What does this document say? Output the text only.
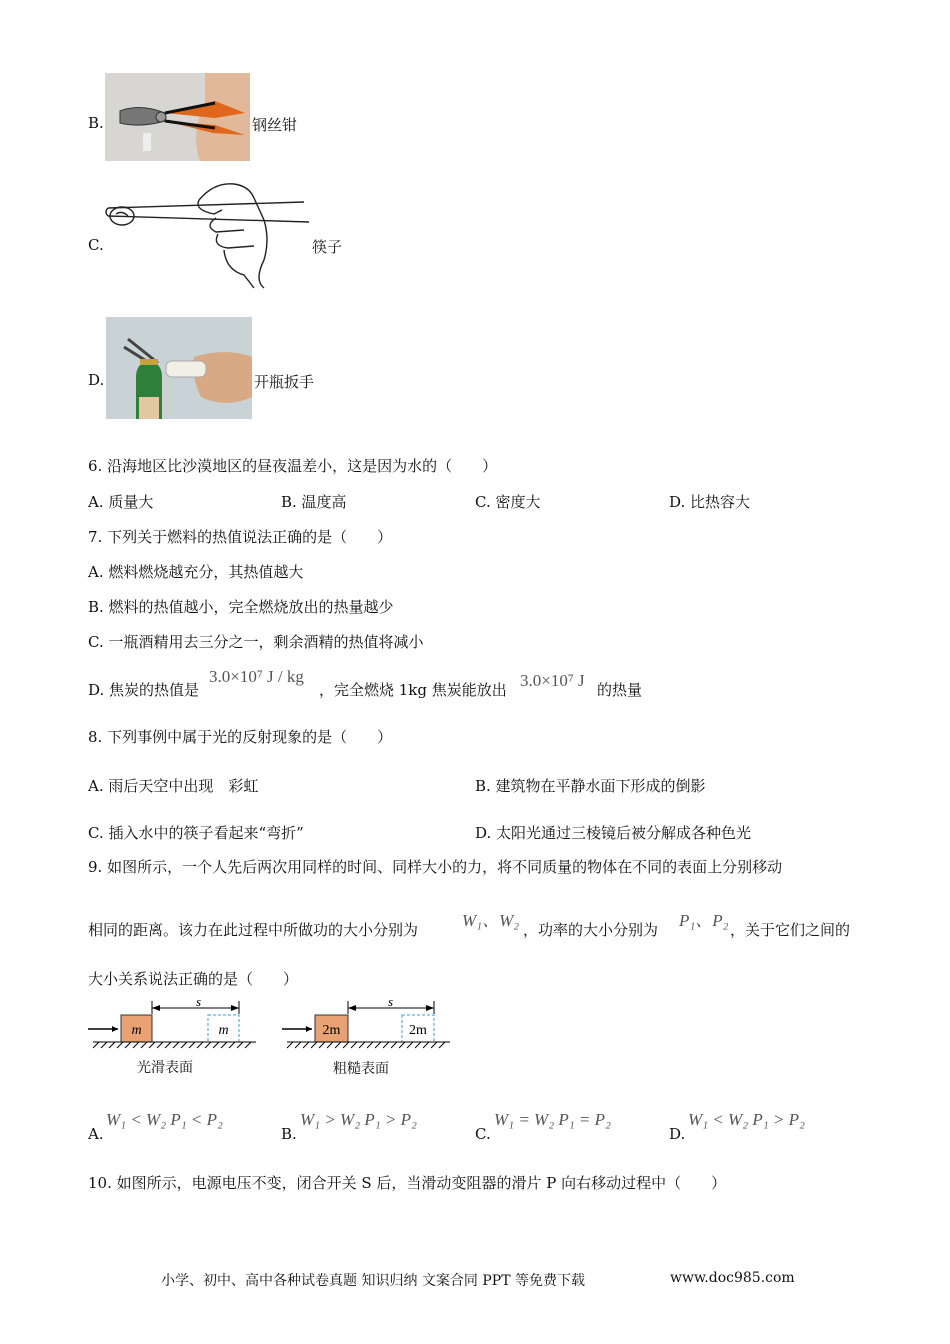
B.	钢丝钳
C.	筷子
D.	开瓶扳手
6. 沿海地区比沙漠地区的昼夜温差小，这是因为水的（　　）
A. 质量大	B. 温度高	C. 密度大	D. 比热容大
7. 下列关于燃料的热值说法正确的是（　　）
A. 燃料燃烧越充分，其热值越大
B. 燃料的热值越小，完全燃烧放出的热量越少
C. 一瓶酒精用去三分之一，剩余酒精的热值将减小
D. 焦炭的热值是
3.0×10⁷ J / kg
，完全燃烧 1kg 焦炭能放出 3.0×10⁷ J 的热量
8. 下列事例中属于光的反射现象的是（　　）
A. 雨后天空中出现　彩虹	B. 建筑物在平静水面下形成的倒影
C. 插入水中的筷子看起来“弯折”	D. 太阳光通过三棱镜后被分解成各种色光
9. 如图所示，一个人先后两次用同样的时间、同样大小的力，将不同质量的物体在不同的表面上分别移动
相同的距离。该力在此过程中所做功的大小分别为	W₁、W₂ ，功率的大小分别为 P₁、P₂ ，关于它们之间的
大小关系说法正确的是（　　）
m	m
s
光滑表面
2m	2m
s
粗糙表面
A.
W₁ < W₂ P₁ < P₂
B.
W₁ > W₂ P₁ > P₂
C.
W₁ = W₂ P₁ = P₂
D.
W₁ < W₂ P₁ > P₂
10. 如图所示，电源电压不变，闭合开关 S 后，当滑动变阻器的滑片 P 向右移动过程中（　　）
小学、初中、高中各种试卷真题 知识归纳 文案合同 PPT 等免费下载	www.doc985.com
